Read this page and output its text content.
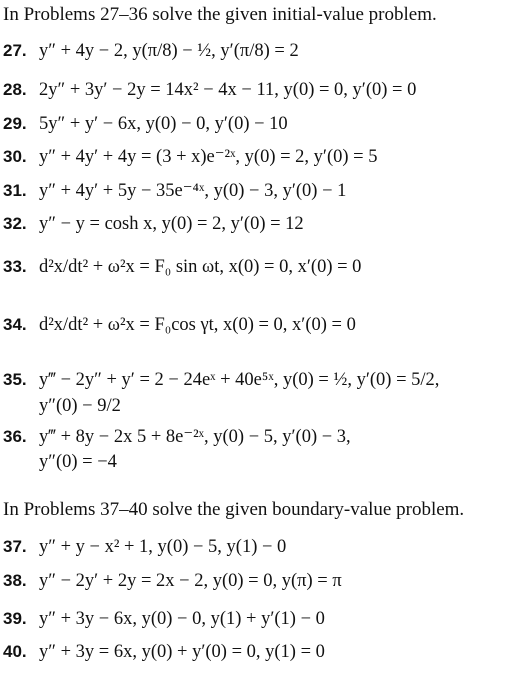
In Problems 27–36 solve the given initial-value problem.
27. y″ + 4y − 2, y(π/8) − ½, y′(π/8) = 2
28. 2y″ + 3y′ − 2y = 14x² − 4x − 11, y(0) = 0, y′(0) = 0
29. 5y″ + y′ − 6x, y(0) − 0, y′(0) − 10
30. y″ + 4y′ + 4y = (3 + x)e⁻²ˣ, y(0) = 2, y′(0) = 5
31. y″ + 4y′ + 5y − 35e⁻⁴ˣ, y(0) − 3, y′(0) − 1
32. y″ − y = cosh x, y(0) = 2, y′(0) = 12
33. d²x/dt² + ω²x = F₀ sin ωt, x(0) = 0, x′(0) = 0
34. d²x/dt² + ω²x = F₀cos γt, x(0) = 0, x′(0) = 0
35. y‴ − 2y″ + y′ = 2 − 24eˣ + 40e⁵ˣ, y(0) = ½, y′(0) = 5/2,
y″(0) − 9/2
36. y‴ + 8y − 2x 5 + 8e⁻²ˣ, y(0) − 5, y′(0) − 3,
y″(0) = −4
In Problems 37–40 solve the given boundary-value problem.
37. y″ + y − x² + 1, y(0) − 5, y(1) − 0
38. y″ − 2y′ + 2y = 2x − 2, y(0) = 0, y(π) = π
39. y″ + 3y − 6x, y(0) − 0, y(1) + y′(1) − 0
40. y″ + 3y = 6x, y(0) + y′(0) = 0, y(1) = 0
